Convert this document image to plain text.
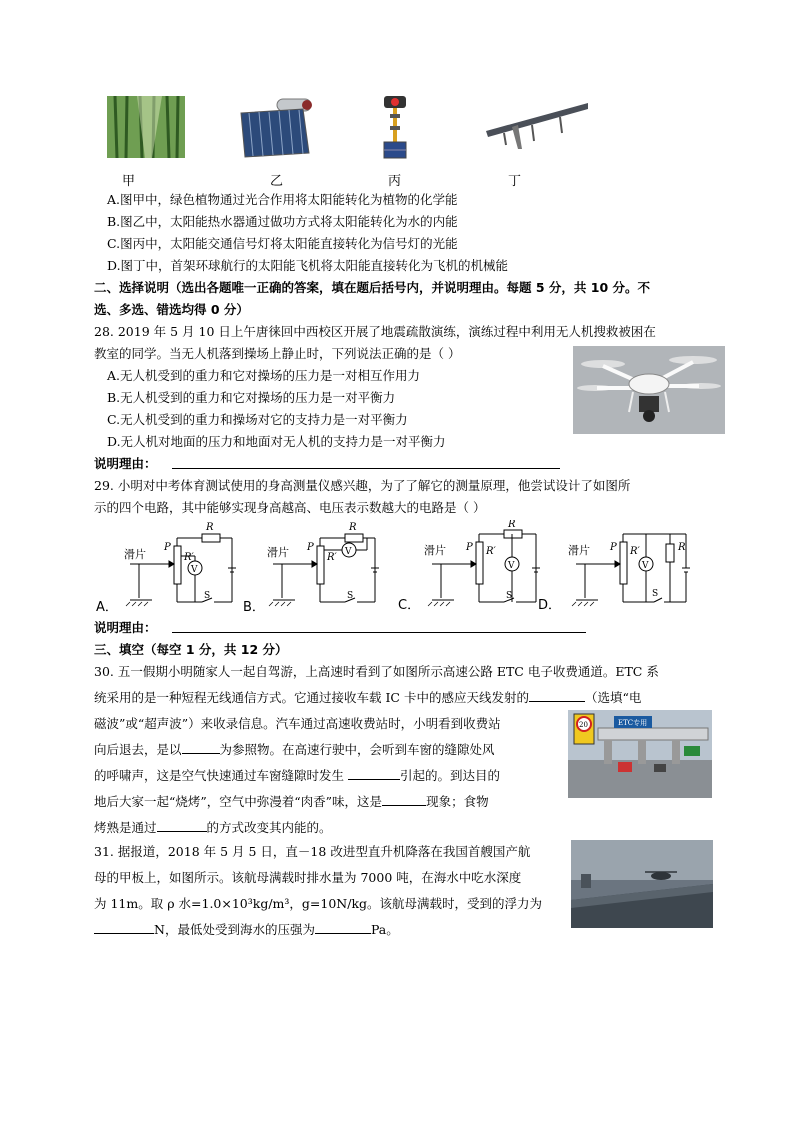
甲	乙	丙	丁
A.图甲中，绿色植物通过光合作用将太阳能转化为植物的化学能
B.图乙中，太阳能热水器通过做功方式将太阳能转化为水的内能
C.图丙中，太阳能交通信号灯将太阳能直接转化为信号灯的光能
D.图丁中，首架环球航行的太阳能飞机将太阳能直接转化为飞机的机械能
二、选择说明（选出各题唯一正确的答案，填在题后括号内，并说明理由。每题 5 分，共 10 分。不
选、多选、错选均得 0 分）
28. 2019 年 5 月 10 日上午唐徕回中西校区开展了地震疏散演练，演练过程中利用无人机搜救被困在
教室的同学。当无人机落到操场上静止时，下列说法正确的是（ ）
A.无人机受到的重力和它对操场的压力是一对相互作用力
B.无人机受到的重力和它对操场的压力是一对平衡力
C.无人机受到的重力和操场对它的支持力是一对平衡力
D.无人机对地面的压力和地面对无人机的支持力是一对平衡力
说明理由：
29. 小明对中考体育测试使用的身高测量仪感兴趣，为了了解它的测量原理，他尝试设计了如图所
示的四个电路，其中能够实现身高越高、电压表示数越大的电路是（ ）
滑片
P
R′
R
S
V
滑片 P
R′
R
V
S
滑片 P R′
R
V
S
滑片 P R′	R
V
S
A．	B．	C．	D．
说明理由：
三、填空（每空 1 分，共 12 分）
30. 五一假期小明随家人一起自驾游，上高速时看到了如图所示高速公路 ETC 电子收费通道。ETC 系
统采用的是一种短程无线通信方式。它通过接收车载 IC 卡中的感应天线发射的	（选填“电
磁波”或“超声波”）来收录信息。汽车通过高速收费站时，小明看到收费站
向后退去，是以	为参照物。在高速行驶中，会听到车窗的缝隙处风
的呼啸声，这是空气快速通过车窗缝隙时发生	引起的。到达目的
地后大家一起“烧烤”，空气中弥漫着“肉香”味，这是	现象；食物
烤熟是通过	的方式改变其内能的。
ETC专用
20
31. 据报道，2018 年 5 月 5 日，直－18 改进型直升机降落在我国首艘国产航
母的甲板上，如图所示。该航母满载时排水量为 7000 吨，在海水中吃水深度
为 11m。取 ρ 水=1.0×10³kg/m³，g=10N/kg。该航母满载时，受到的浮力为
N，最低处受到海水的压强为	Pa。
